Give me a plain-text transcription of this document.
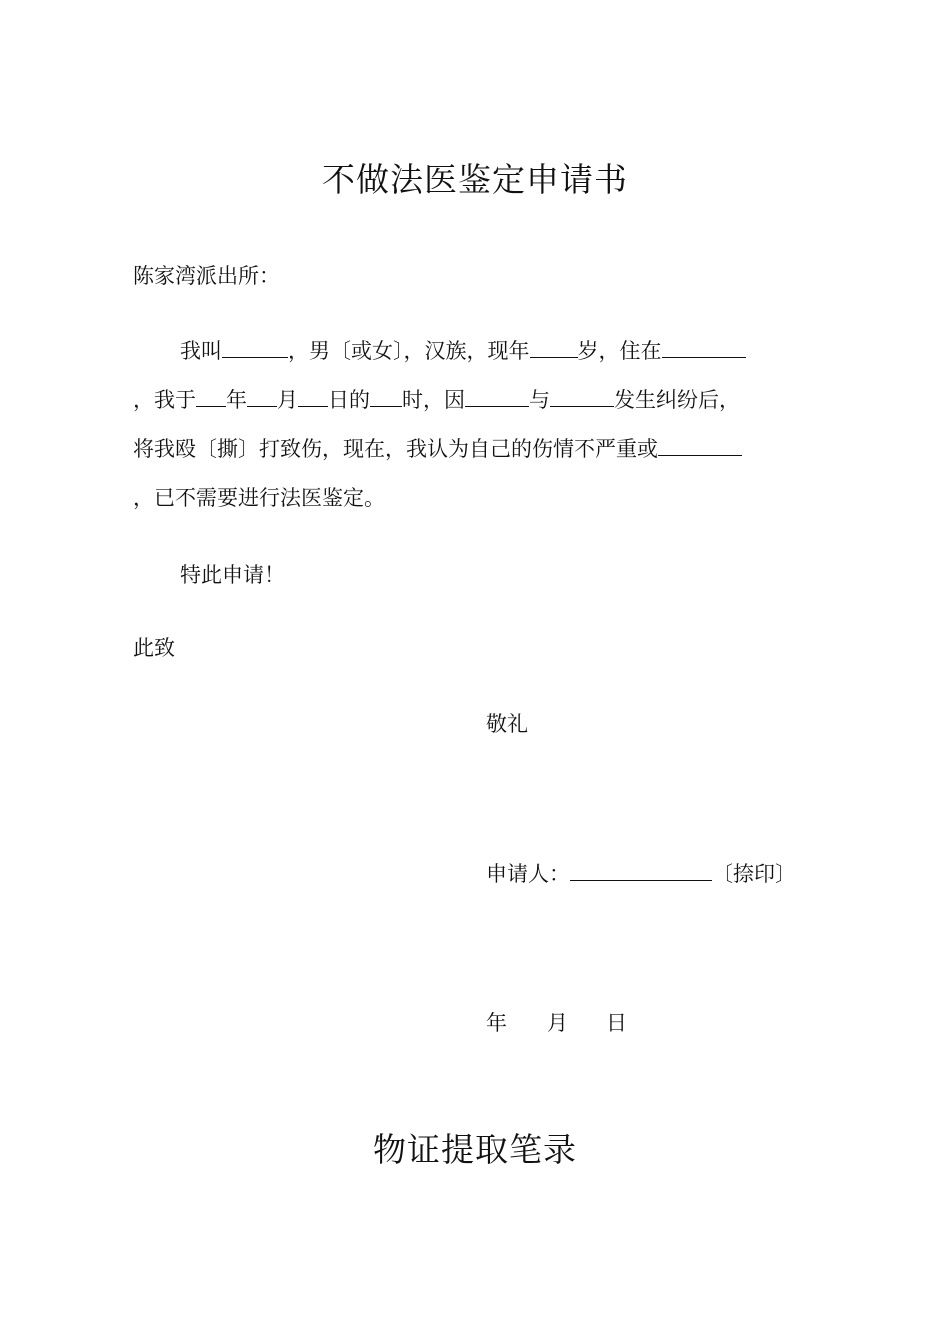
不做法医鉴定申请书
陈家湾派出所：
我叫	，男〔或女〕，汉族，现年 岁，住在
，我于 年 月 日的 时，因	与	发生纠纷后，
将我殴〔撕〕打致伤，现在，我认为自己的伤情不严重或
，已不需要进行法医鉴定。
特此申请！
此致
敬礼
申请人：	〔捺印〕
年 月 日
物证提取笔录
